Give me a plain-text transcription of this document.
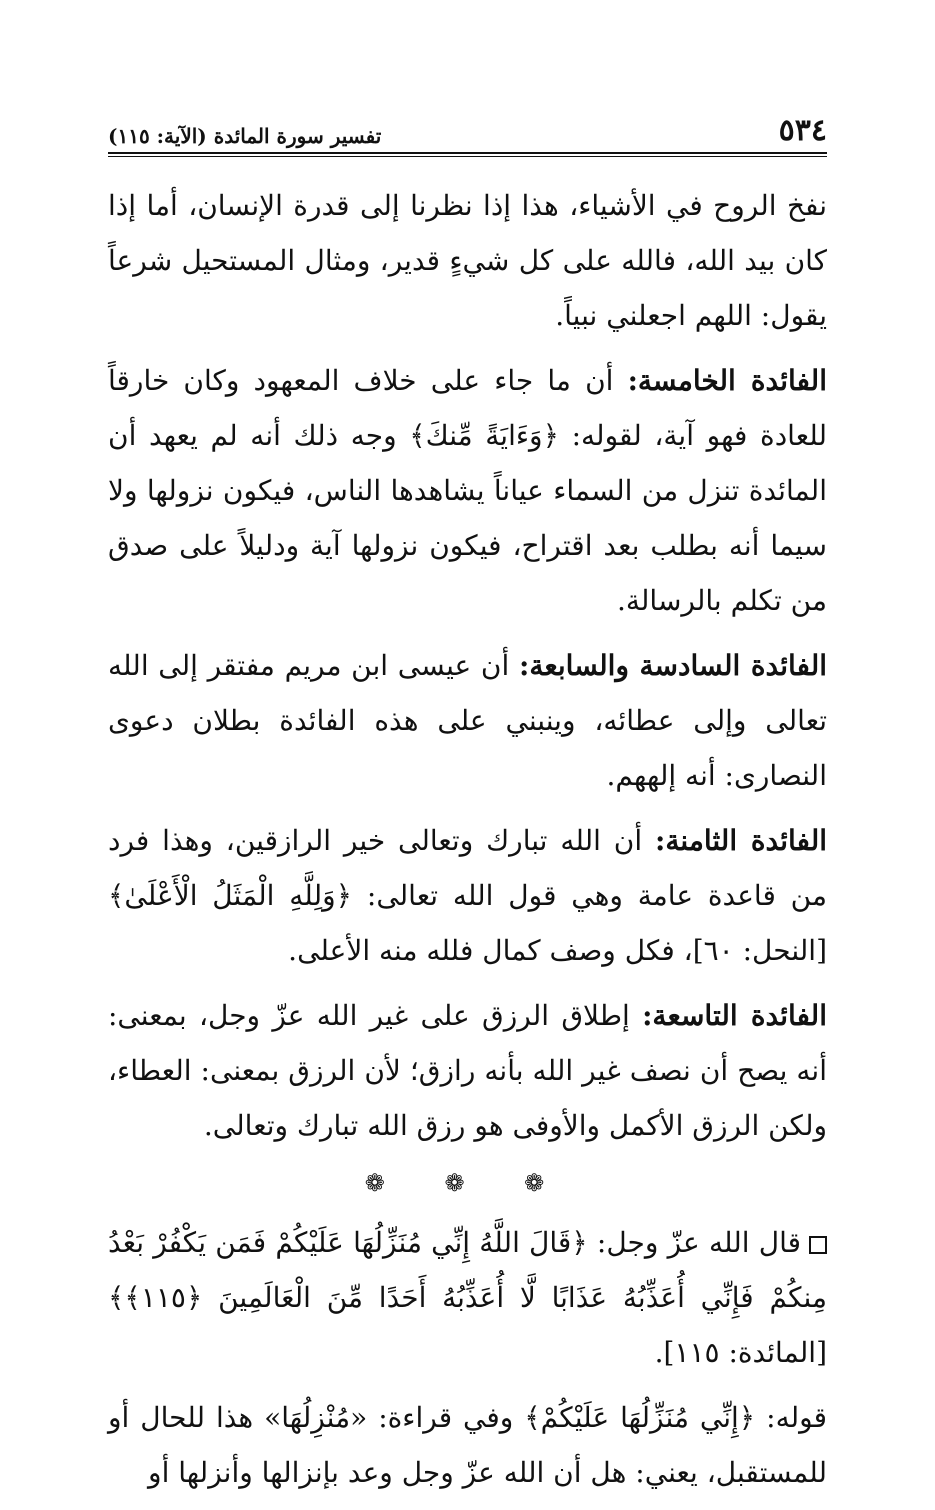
٥٣٤
تفسير سورة المائدة (الآية: ١١٥)

نفخ الروح في الأشياء، هذا إذا نظرنا إلى قدرة الإنسان، أما إذا كان بيد الله، فالله على كل شيءٍ قدير، ومثال المستحيل شرعاً يقول: اللهم اجعلني نبياً.

الفائدة الخامسة: أن ما جاء على خلاف المعهود وكان خارقاً للعادة فهو آية، لقوله: ﴿وَءَايَةً مِّنكَ﴾ وجه ذلك أنه لم يعهد أن المائدة تنزل من السماء عياناً يشاهدها الناس، فيكون نزولها ولا سيما أنه بطلب بعد اقتراح، فيكون نزولها آية ودليلاً على صدق من تكلم بالرسالة.

الفائدة السادسة والسابعة: أن عيسى ابن مريم مفتقر إلى الله تعالى وإلى عطائه، وينبني على هذه الفائدة بطلان دعوى النصارى: أنه إلههم.

الفائدة الثامنة: أن الله تبارك وتعالى خير الرازقين، وهذا فرد من قاعدة عامة وهي قول الله تعالى: ﴿وَلِلَّهِ الْمَثَلُ الْأَعْلَىٰ﴾ [النحل: ٦٠]، فكل وصف كمال فلله منه الأعلى.

الفائدة التاسعة: إطلاق الرزق على غير الله عزّ وجل، بمعنى: أنه يصح أن نصف غير الله بأنه رازق؛ لأن الرزق بمعنى: العطاء، ولكن الرزق الأكمل والأوفى هو رزق الله تبارك وتعالى.

❁ ❁ ❁

قال الله عزّ وجل: ﴿قَالَ اللَّهُ إِنِّي مُنَزِّلُهَا عَلَيْكُمْ فَمَن يَكْفُرْ بَعْدُ مِنكُمْ فَإِنِّي أُعَذِّبُهُ عَذَابًا لَّا أُعَذِّبُهُ أَحَدًا مِّنَ الْعَالَمِينَ ﴿١١٥﴾﴾ [المائدة: ١١٥].

قوله: ﴿إِنِّي مُنَزِّلُهَا عَلَيْكُمْ﴾ وفي قراءة: «مُنْزِلُهَا» هذا للحال أو للمستقبل، يعني: هل أن الله عزّ وجل وعد بإنزالها وأنزلها أو
